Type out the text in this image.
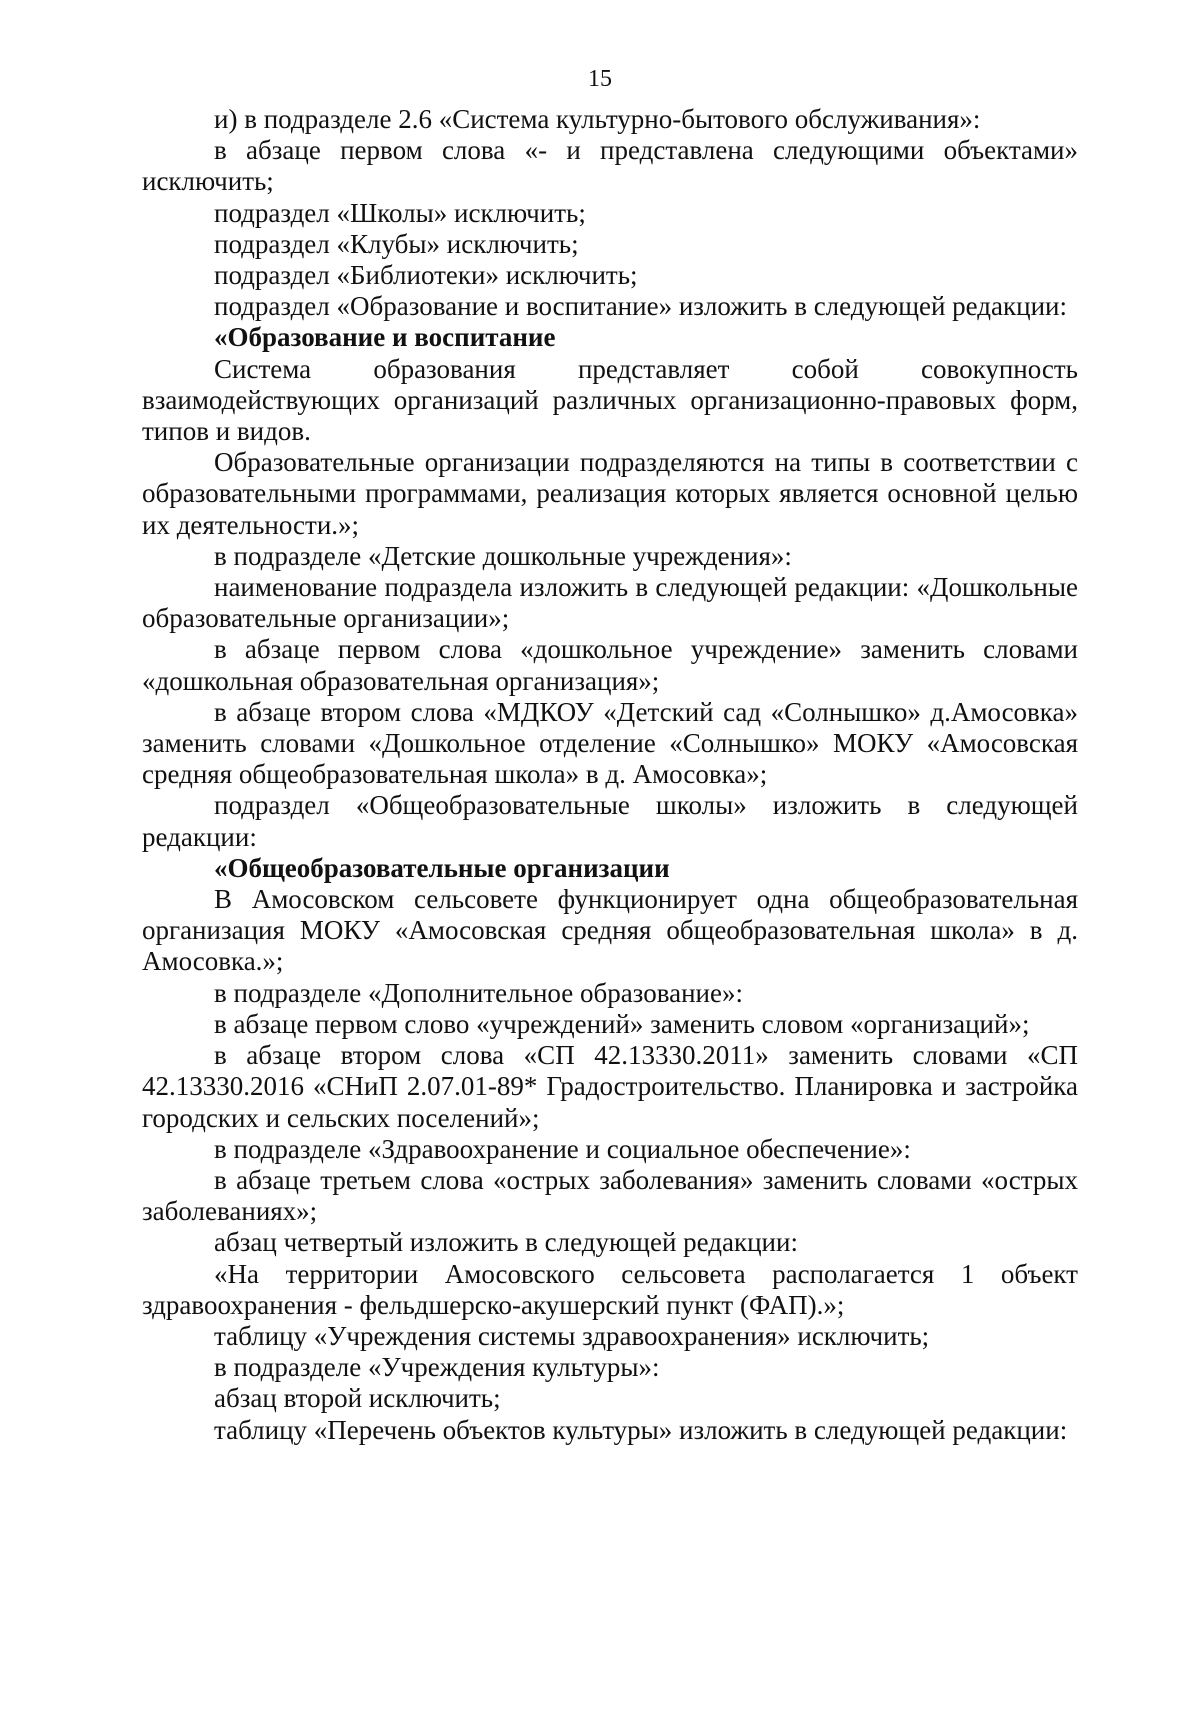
15

и) в подразделе 2.6 «Система культурно-бытового обслуживания»:

в абзаце первом слова «- и представлена следующими объектами» исключить;

подраздел «Школы» исключить;

подраздел «Клубы» исключить;

подраздел «Библиотеки» исключить;

подраздел «Образование и воспитание» изложить в следующей редакции:

«Образование и воспитание

Система образования представляет собой совокупность взаимодействующих организаций различных организационно-правовых форм, типов и видов.

Образовательные организации подразделяются на типы в соответствии с образовательными программами, реализация которых является основной целью их деятельности.»;

в подразделе «Детские дошкольные учреждения»:

наименование подраздела изложить в следующей редакции: «Дошкольные образовательные организации»;

в абзаце первом слова «дошкольное учреждение» заменить словами «дошкольная образовательная организация»;

в абзаце втором слова «МДКОУ «Детский сад «Солнышко» д.Амосовка» заменить словами «Дошкольное отделение «Солнышко» МОКУ «Амосовская средняя общеобразовательная школа» в д. Амосовка»;

подраздел «Общеобразовательные школы» изложить в следующей редакции:

«Общеобразовательные организации

В Амосовском сельсовете функционирует одна общеобразовательная организация МОКУ «Амосовская средняя общеобразовательная школа» в д. Амосовка.»;

в подразделе «Дополнительное образование»:

в абзаце первом слово «учреждений» заменить словом «организаций»;

в абзаце втором слова «СП 42.13330.2011» заменить словами «СП 42.13330.2016 «СНиП 2.07.01-89* Градостроительство. Планировка и застройка городских и сельских поселений»;

в подразделе «Здравоохранение и социальное обеспечение»:

в абзаце третьем слова «острых заболевания» заменить словами «острых заболеваниях»;

абзац четвертый изложить в следующей редакции:

«На территории Амосовского сельсовета располагается 1 объект здравоохранения - фельдшерско-акушерский пункт (ФАП).»;

таблицу «Учреждения системы здравоохранения» исключить;

в подразделе «Учреждения культуры»:

абзац второй исключить;

таблицу «Перечень объектов культуры» изложить в следующей редакции:
